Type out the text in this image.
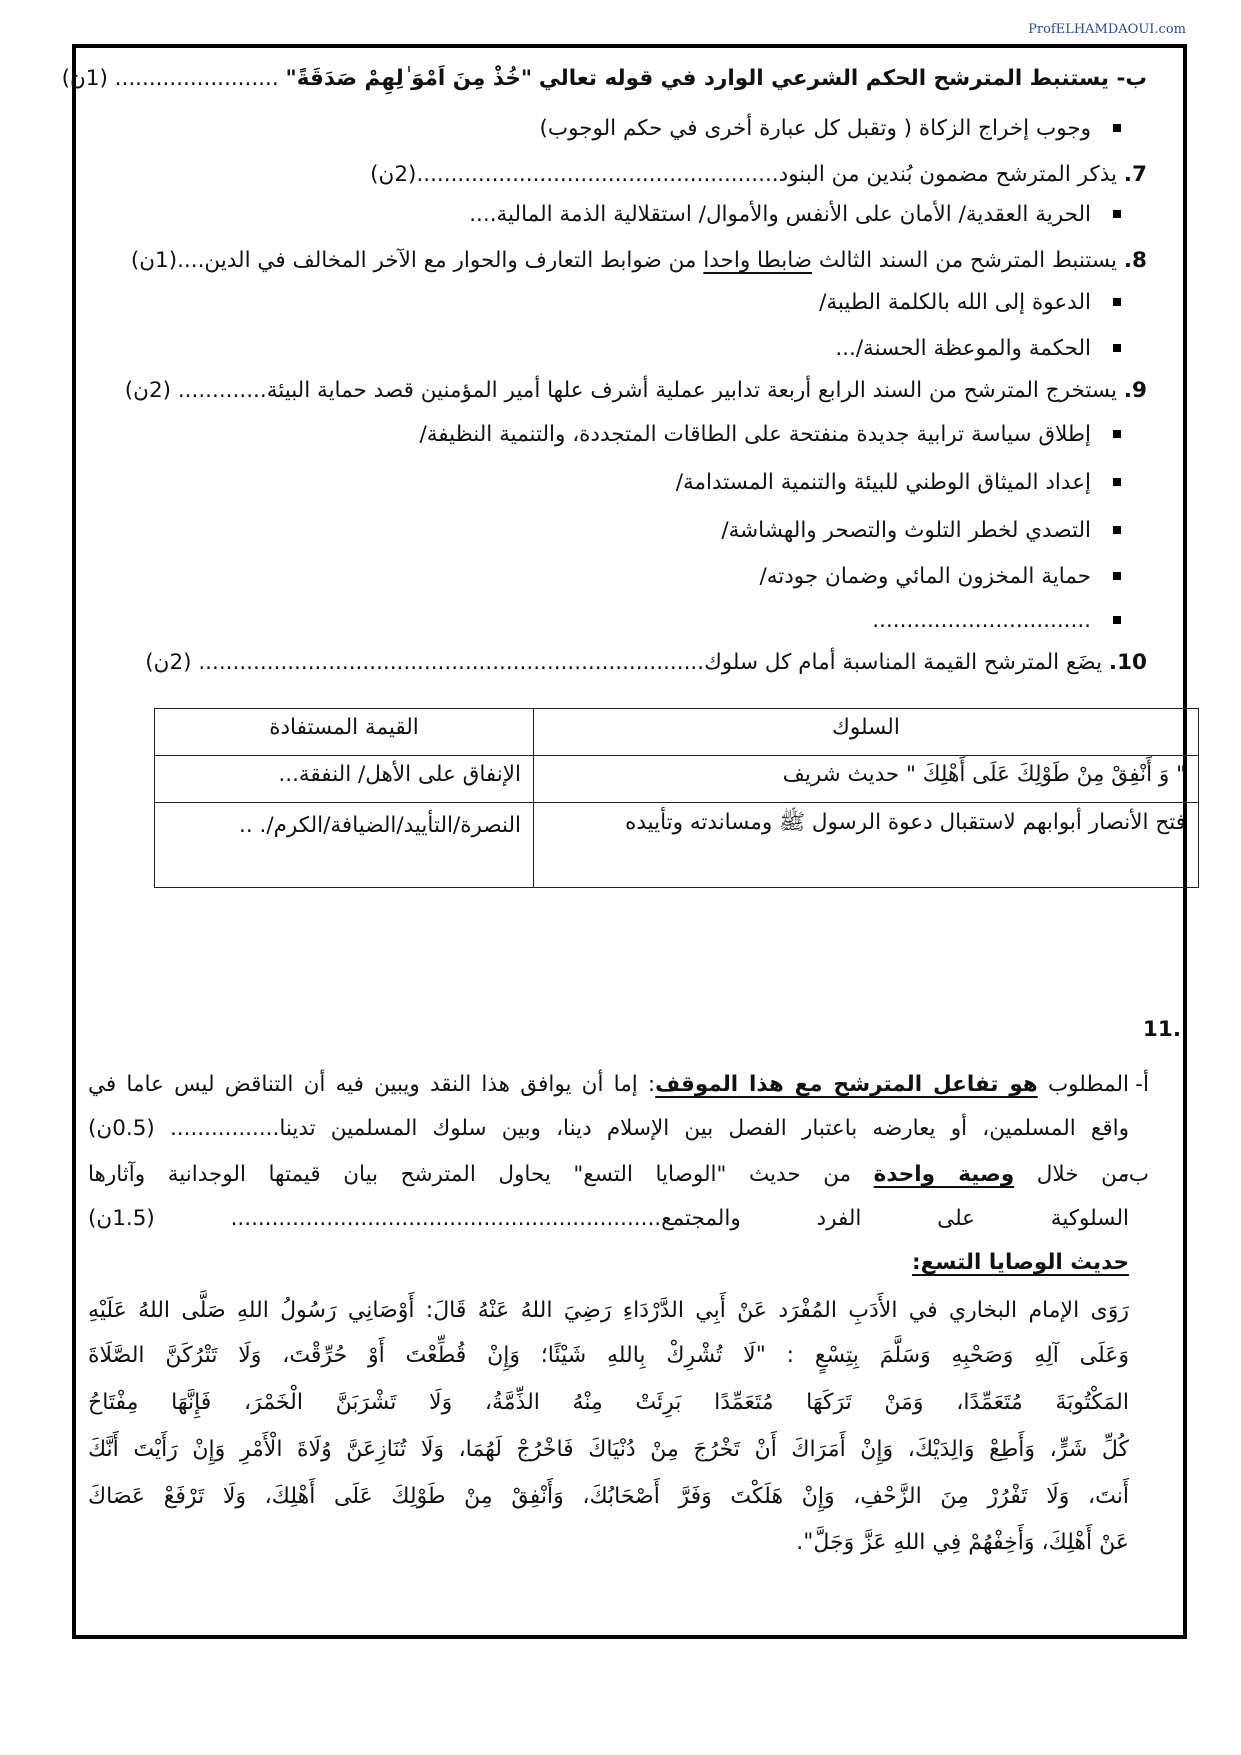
ProfELHAMDAOUI.com
ب- يستنبط المترشح الحكم الشرعي الوارد في قوله تعالي "خُذْ مِنَ اَمْوَ ٰلِهِمْ صَدَقَةً" ........................ (1ن)
وجوب إخراج الزكاة ( وتقبل كل عبارة أخرى في حكم الوجوب)
7. يذكر المترشح مضمون بُندين من البنود.....................................................(2ن)
الحرية العقدية/ الأمان على الأنفس والأموال/ استقلالية الذمة المالية....
8. يستنبط المترشح من السند الثالث ضابطا واحدا من ضوابط التعارف والحوار مع الآخر المخالف في الدين....(1ن)
الدعوة إلى الله بالكلمة الطيبة/
الحكمة والموعظة الحسنة/...
9. يستخرج المترشح من السند الرابع أربعة تدابير عملية أشرف علها أمير المؤمنين قصد حماية البيئة............. (2ن)
إطلاق سياسة ترابية جديدة منفتحة على الطاقات المتجددة، والتنمية النظيفة/
إعداد الميثاق الوطني للبيئة والتنمية المستدامة/
التصدي لخطر التلوث والتصحر والهشاشة/
حماية المخزون المائي وضمان جودته/
................................
10. يضَع المترشح القيمة المناسبة أمام كل سلوك.......................................................................... (2ن)
السلوك	القيمة المستفادة
" وَ أَنْفِقْ مِنْ طَوْلِكَ عَلَى أَهْلِكَ " حديث شريف	الإنفاق على الأهل/ النفقة...
فتح الأنصار أبوابهم لاستقبال دعوة الرسول ﷺ ومساندته وتأييده	النصرة/التأييد/الضيافة/الكرم/. ..
.11
أ-
المطلوب هو تفاعل المترشح مع هذا الموقف: إما أن يوافق هذا النقد ويبين فيه أن التناقض ليس عاما في
واقع المسلمين، أو يعارضه باعتبار الفصل بين الإسلام دينا، وبين سلوك المسلمين تدينا................ (0.5ن)
ب-
من خلال وصية واحدة من حديث "الوصايا التسع" يحاول المترشح بيان قيمتها الوجدانية وآثارها
السلوكية على الفرد والمجتمع............................................................... (1.5ن)
حديث الوصايا التسع:
رَوَى الإمام البخاري في الأَدَبِ المُفْرَد عَنْ أَبِي الدَّرْدَاءِ رَضِيَ اللهُ عَنْهُ قَالَ: أَوْصَانِي رَسُولُ اللهِ صَلَّى اللهُ عَلَيْهِ
وَعَلَى آلِهِ وَصَحْبِهِ وَسَلَّمَ بِتِسْعٍ : "لَا تُشْرِكْ بِاللهِ شَيْئًا؛ وَإِنْ قُطِّعْتَ أَوْ حُرِّقْتَ، وَلَا تَتْرُكَنَّ الصَّلَاةَ
المَكْتُوبَةَ مُتَعَمِّدًا، وَمَنْ تَرَكَهَا مُتَعَمِّدًا بَرِئَتْ مِنْهُ الذِّمَّةُ، وَلَا تَشْرَبَنَّ الْخَمْرَ، فَإِنَّهَا مِفْتَاحُ
كُلِّ شَرٍّ، وَأَطِعْ وَالِدَيْكَ، وَإِنْ أَمَرَاكَ أَنْ تَخْرُجَ مِنْ دُنْيَاكَ فَاخْرُجْ لَهُمَا، وَلَا تُنَازِعَنَّ وُلَاةَ الْأَمْرِ وَإِنْ رَأَيْتَ أَنَّكَ
أَنتَ، وَلَا تَفْرُرْ مِنَ الزَّحْفِ، وَإِنْ هَلَكْتَ وَفَرَّ أَصْحَابُكَ، وَأَنْفِقْ مِنْ طَوْلِكَ عَلَى أَهْلِكَ، وَلَا تَرْفَعْ عَصَاكَ
عَنْ أَهْلِكَ، وَأَخِفْهُمْ فِي اللهِ عَزَّ وَجَلَّ".
